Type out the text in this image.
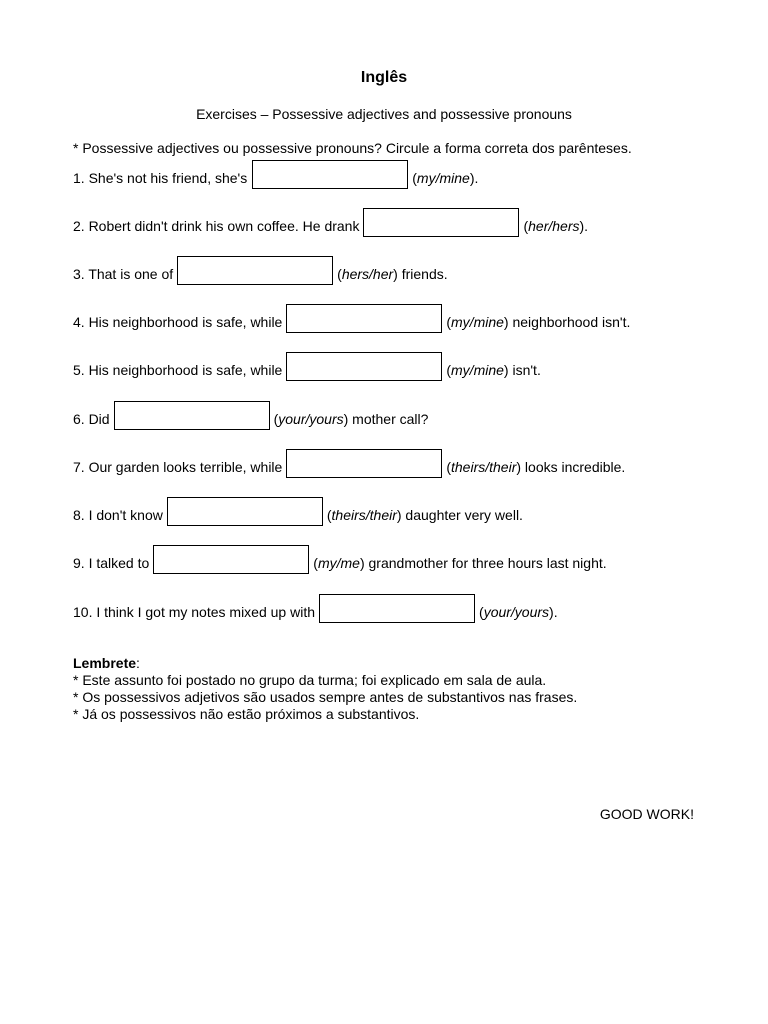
Inglês
Exercises – Possessive adjectives and possessive pronouns
* Possessive adjectives ou possessive pronouns? Circule a forma correta dos parênteses.
1. She's not his friend, she's	(my/mine).
2. Robert didn't drink his own coffee. He drank	(her/hers).
3. That is one of	(hers/her) friends.
4. His neighborhood is safe, while	(my/mine) neighborhood isn't.
5. His neighborhood is safe, while	(my/mine) isn't.
6. Did	(your/yours) mother call?
7. Our garden looks terrible, while	(theirs/their) looks incredible.
8. I don't know	(theirs/their) daughter very well.
9. I talked to	(my/me) grandmother for three hours last night.
10. I think I got my notes mixed up with	(your/yours).
Lembrete:
* Este assunto foi postado no grupo da turma; foi explicado em sala de aula.
* Os possessivos adjetivos são usados sempre antes de substantivos nas frases.
* Já os possessivos não estão próximos a substantivos.
GOOD WORK!
